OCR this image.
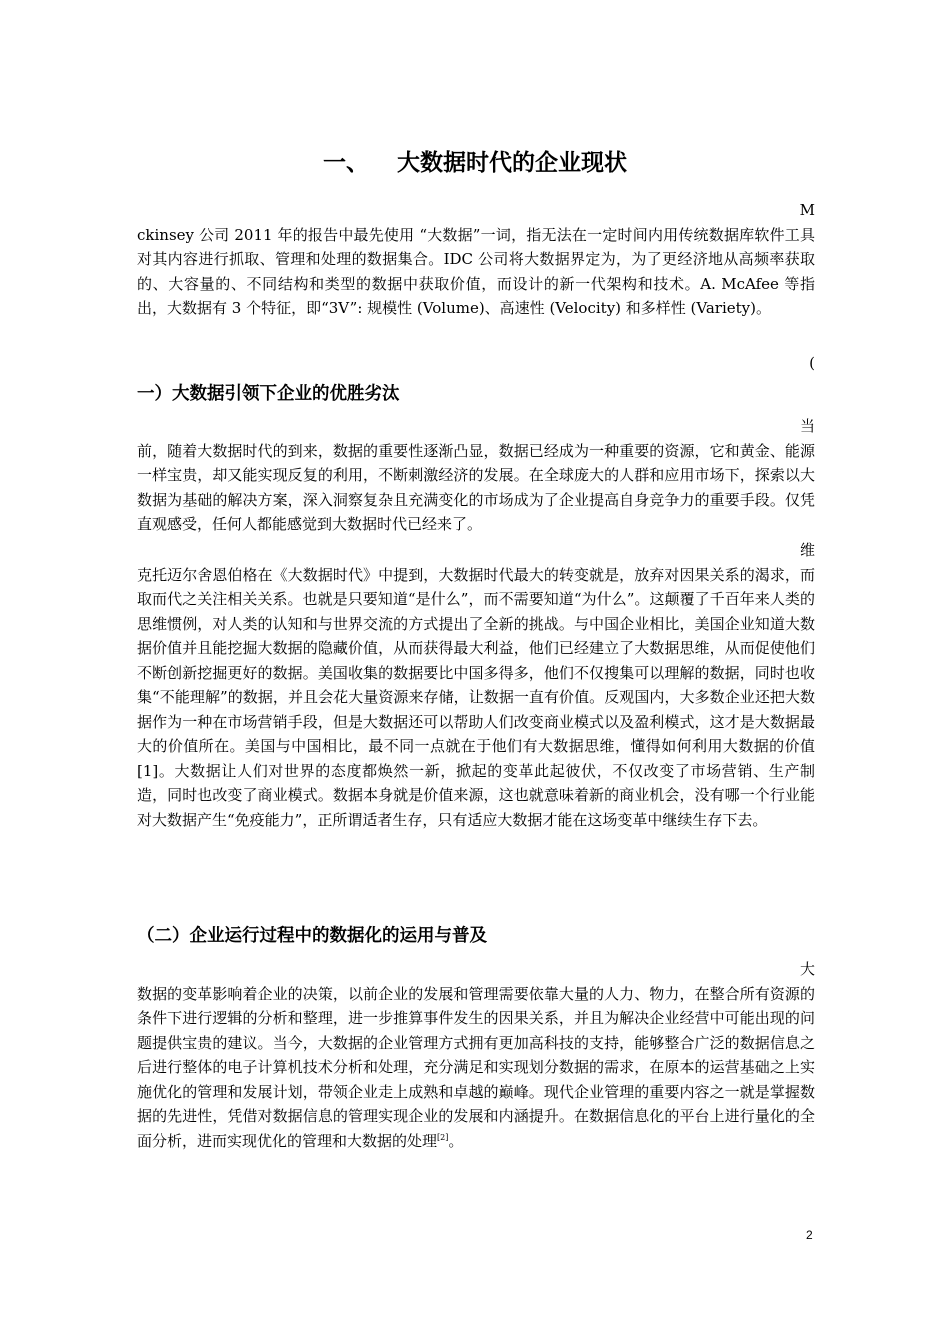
一、 大数据时代的企业现状
M
ckinsey 公司 2011 年的报告中最先使用 “大数据”一词，指无法在一定时间内用传统数据库软件工具对其内容进行抓取、管理和处理的数据集合。IDC 公司将大数据界定为，为了更经济地从高频率获取的、大容量的、不同结构和类型的数据中获取价值，而设计的新一代架构和技术。A. McAfee 等指出，大数据有 3 个特征，即“3V”: 规模性 (Volume)、高速性 (Velocity) 和多样性 (Variety)。
(
一）大数据引领下企业的优胜劣汰
当
前，随着大数据时代的到来，数据的重要性逐渐凸显，数据已经成为一种重要的资源，它和黄金、能源一样宝贵，却又能实现反复的利用，不断刺激经济的发展。在全球庞大的人群和应用市场下，探索以大数据为基础的解决方案，深入洞察复杂且充满变化的市场成为了企业提高自身竞争力的重要手段。仅凭直观感受，任何人都能感觉到大数据时代已经来了。
维
克托迈尔舍恩伯格在《大数据时代》中提到，大数据时代最大的转变就是，放弃对因果关系的渴求，而取而代之关注相关关系。也就是只要知道“是什么”，而不需要知道“为什么”。这颠覆了千百年来人类的思维惯例，对人类的认知和与世界交流的方式提出了全新的挑战。与中国企业相比，美国企业知道大数据价值并且能挖掘大数据的隐藏价值，从而获得最大利益，他们已经建立了大数据思维，从而促使他们不断创新挖掘更好的数据。美国收集的数据要比中国多得多，他们不仅搜集可以理解的数据，同时也收集“不能理解”的数据，并且会花大量资源来存储，让数据一直有价值。反观国内，大多数企业还把大数据作为一种在市场营销手段，但是大数据还可以帮助人们改变商业模式以及盈利模式，这才是大数据最大的价值所在。美国与中国相比，最不同一点就在于他们有大数据思维，懂得如何利用大数据的价值[1]。大数据让人们对世界的态度都焕然一新，掀起的变革此起彼伏，不仅改变了市场营销、生产制造，同时也改变了商业模式。数据本身就是价值来源，这也就意味着新的商业机会，没有哪一个行业能对大数据产生“免疫能力”，正所谓适者生存，只有适应大数据才能在这场变革中继续生存下去。
（二）企业运行过程中的数据化的运用与普及
大
数据的变革影响着企业的决策，以前企业的发展和管理需要依靠大量的人力、物力，在整合所有资源的条件下进行逻辑的分析和整理，进一步推算事件发生的因果关系，并且为解决企业经营中可能出现的问题提供宝贵的建议。当今，大数据的企业管理方式拥有更加高科技的支持，能够整合广泛的数据信息之后进行整体的电子计算机技术分析和处理，充分满足和实现划分数据的需求，在原本的运营基础之上实施优化的管理和发展计划，带领企业走上成熟和卓越的巅峰。现代企业管理的重要内容之一就是掌握数据的先进性，凭借对数据信息的管理实现企业的发展和内涵提升。在数据信息化的平台上进行量化的全面分析，进而实现优化的管理和大数据的处理[2]。
2
